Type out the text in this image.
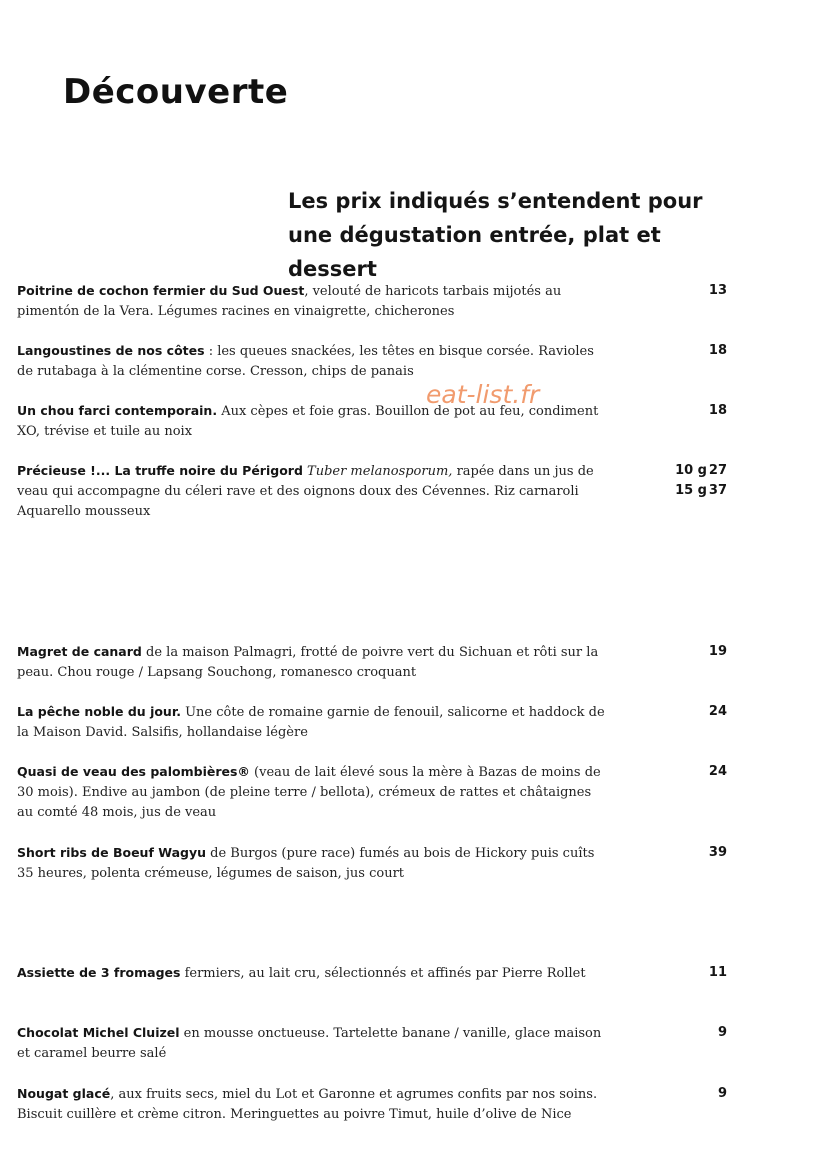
Découverte
Les prix indiqués s’entendent pour une dégustation entrée, plat et dessert
eat-list.fr

Poitrine de cochon fermier du Sud Ouest, velouté de haricots tarbais mijotés au pimentón de la Vera. Légumes racines en vinaigrette, chicherones

13

Langoustines de nos côtes : les queues snackées, les têtes en bisque corsée. Ravioles de rutabaga à la clémentine corse. Cresson, chips de panais

18

Un chou farci contemporain. Aux cèpes et foie gras. Bouillon de pot au feu, condiment XO, trévise et tuile au noix

18

Précieuse !... La truffe noire du Périgord Tuber melanosporum, rapée dans un jus de veau qui accompagne du céleri rave et des oignons doux des Cévennes. Riz carnaroli Aquarello mousseux

10 g
15 g
27
37

Magret de canard de la maison Palmagri, frotté de poivre vert du Sichuan et rôti sur la peau. Chou rouge / Lapsang Souchong, romanesco croquant

19

La pêche noble du jour. Une côte de romaine garnie de fenouil, salicorne et haddock de la Maison David. Salsifis, hollandaise légère

24

Quasi de veau des palombières® (veau de lait élevé sous la mère à Bazas de moins de 30 mois). Endive au jambon (de pleine terre / bellota), crémeux de rattes et châtaignes au comté 48 mois, jus de veau

24

Short ribs de Boeuf Wagyu de Burgos (pure race) fumés au bois de Hickory puis cuîts 35 heures, polenta crémeuse, légumes de saison, jus court

39

Assiette de 3 fromages fermiers, au lait cru, sélectionnés et affinés par Pierre Rollet	11

Chocolat Michel Cluizel en mousse onctueuse. Tartelette banane / vanille, glace maison et caramel beurre salé

9

Nougat glacé, aux fruits secs, miel du Lot et Garonne et agrumes confits par nos soins. Biscuit cuillère et crème citron. Meringuettes au poivre Timut, huile d’olive de Nice

9
